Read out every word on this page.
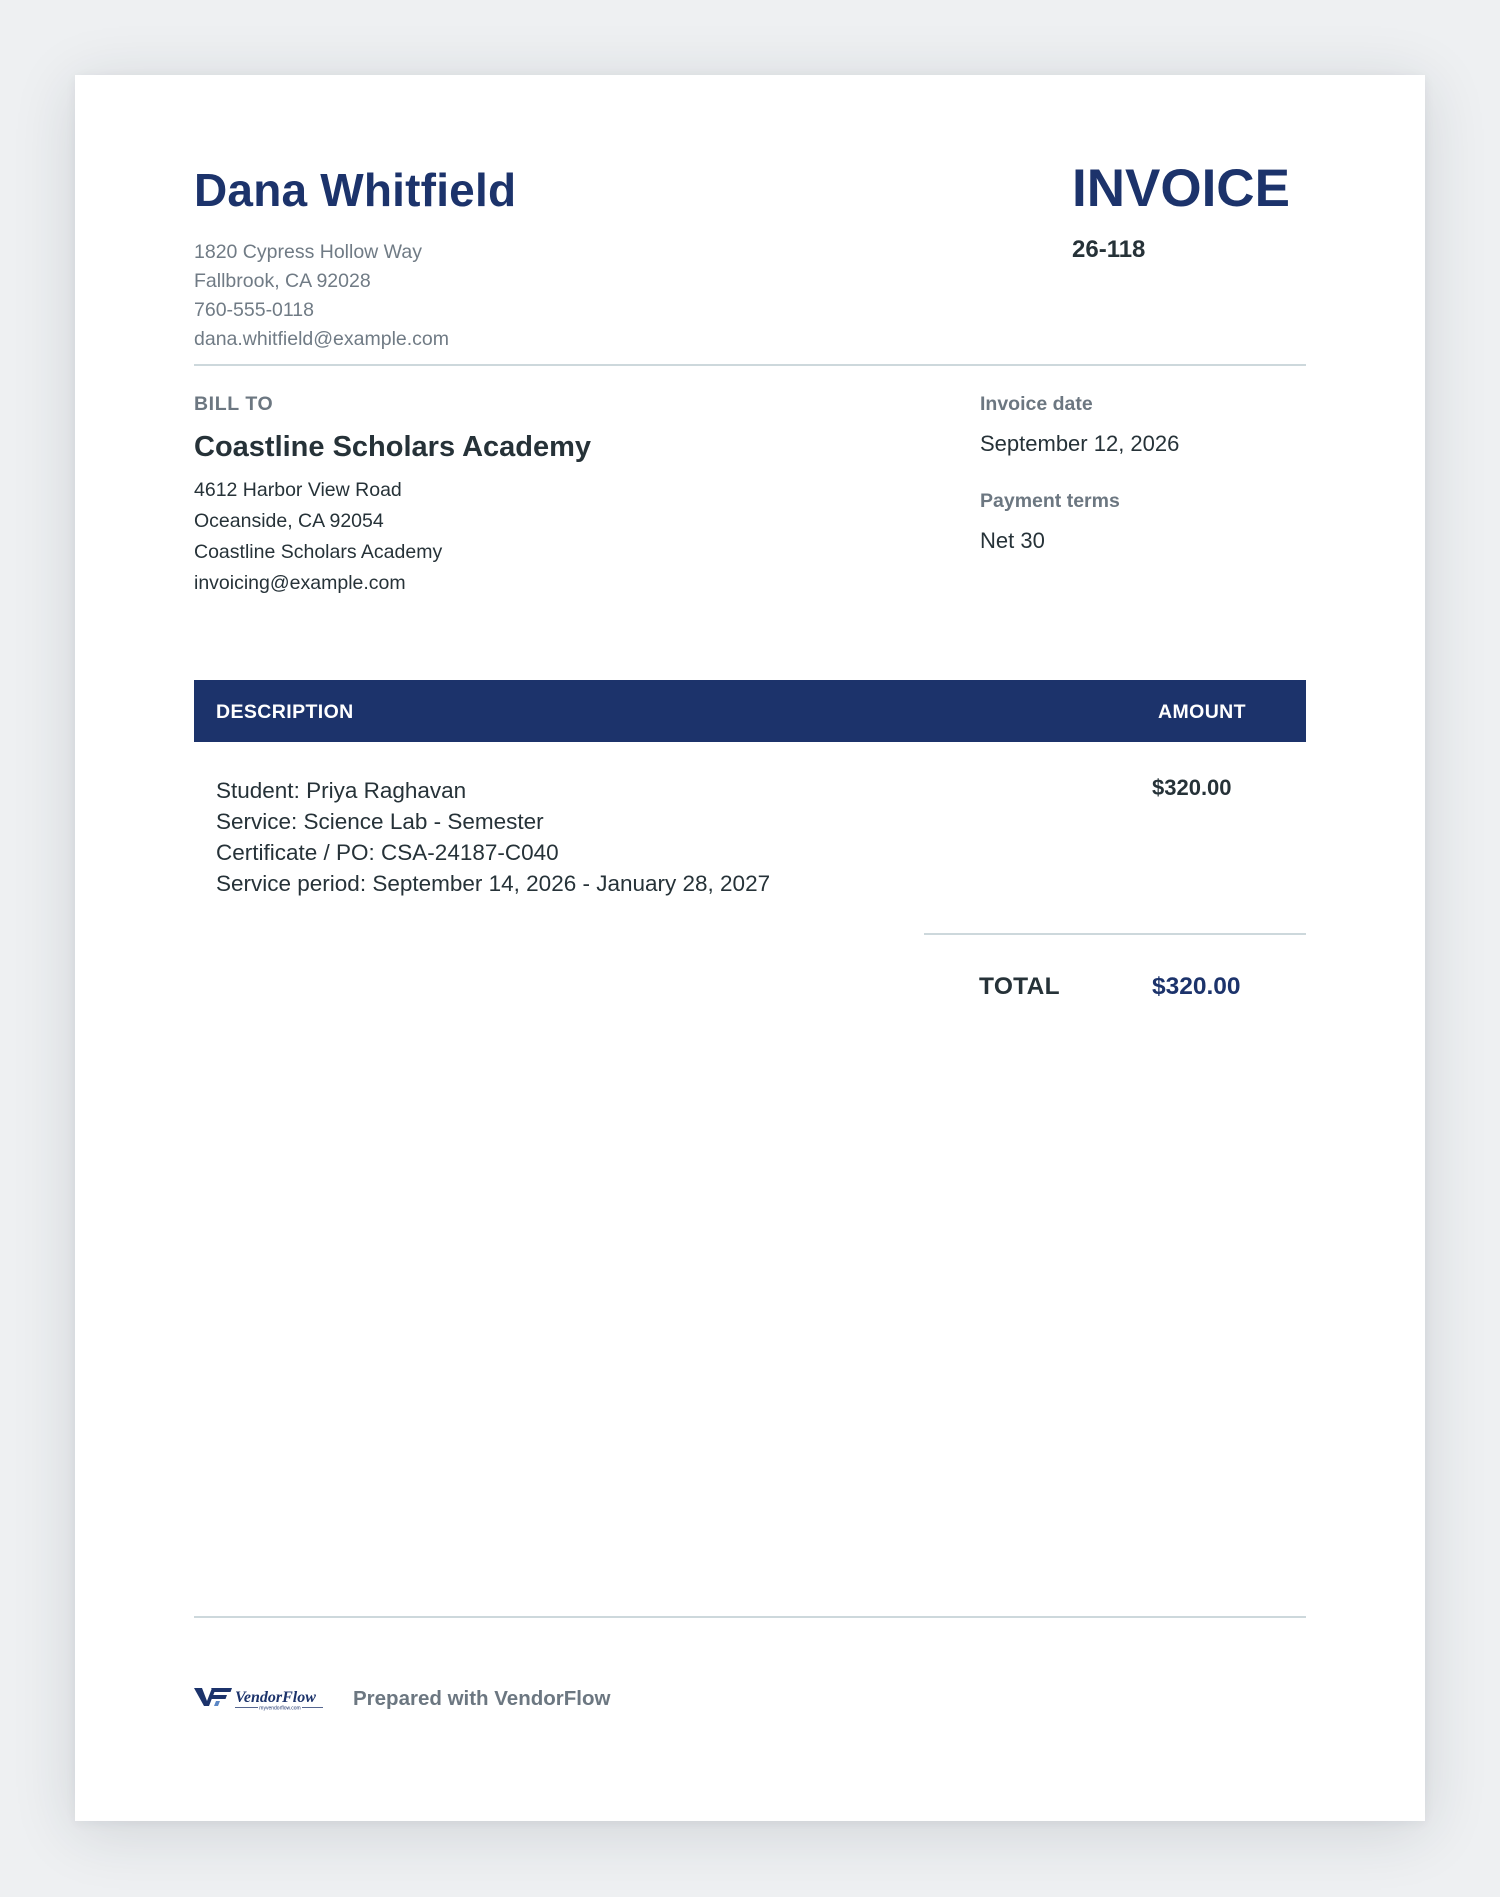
Dana Whitfield
1820 Cypress Hollow Way
Fallbrook, CA 92028
760-555-0118
dana.whitfield@example.com
INVOICE
26-118
BILL TO
Coastline Scholars Academy
4612 Harbor View Road
Oceanside, CA 92054
Coastline Scholars Academy
invoicing@example.com
Invoice date
September 12, 2026
Payment terms
Net 30
DESCRIPTION	AMOUNT
Student: Priya Raghavan
Service: Science Lab - Semester
Certificate / PO: CSA-24187-C040
Service period: September 14, 2026 - January 28, 2027
$320.00
TOTAL	$320.00
VendorFlow
myvendorflow.com	Prepared with VendorFlow
